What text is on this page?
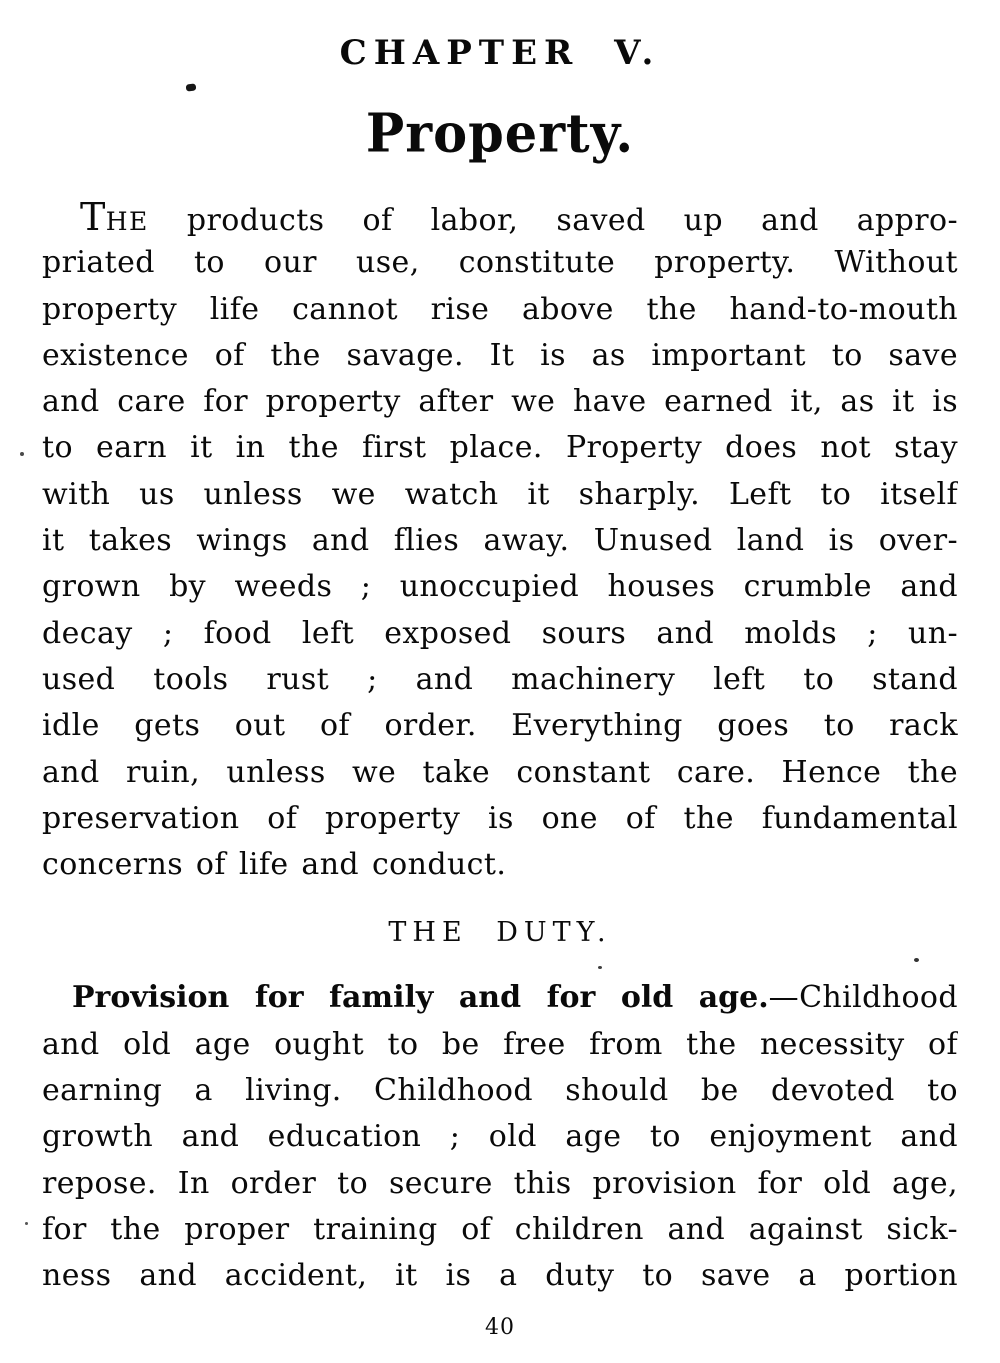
CHAPTER V.
Property.
THE products of labor, saved up and appro-
priated to our use, constitute property. Without
property life cannot rise above the hand-to-mouth
existence of the savage. It is as important to save
and care for property after we have earned it, as it is
to earn it in the first place. Property does not stay
with us unless we watch it sharply. Left to itself
it takes wings and flies away. Unused land is over-
grown by weeds ; unoccupied houses crumble and
decay ; food left exposed sours and molds ; un-
used tools rust ; and machinery left to stand
idle gets out of order. Everything goes to rack
and ruin, unless we take constant care. Hence the
preservation of property is one of the fundamental
concerns of life and conduct.
THE DUTY.
Provision for family and for old age.—Childhood
and old age ought to be free from the necessity of
earning a living. Childhood should be devoted to
growth and education ; old age to enjoyment and
repose. In order to secure this provision for old age,
for the proper training of children and against sick-
ness and accident, it is a duty to save a portion
40
